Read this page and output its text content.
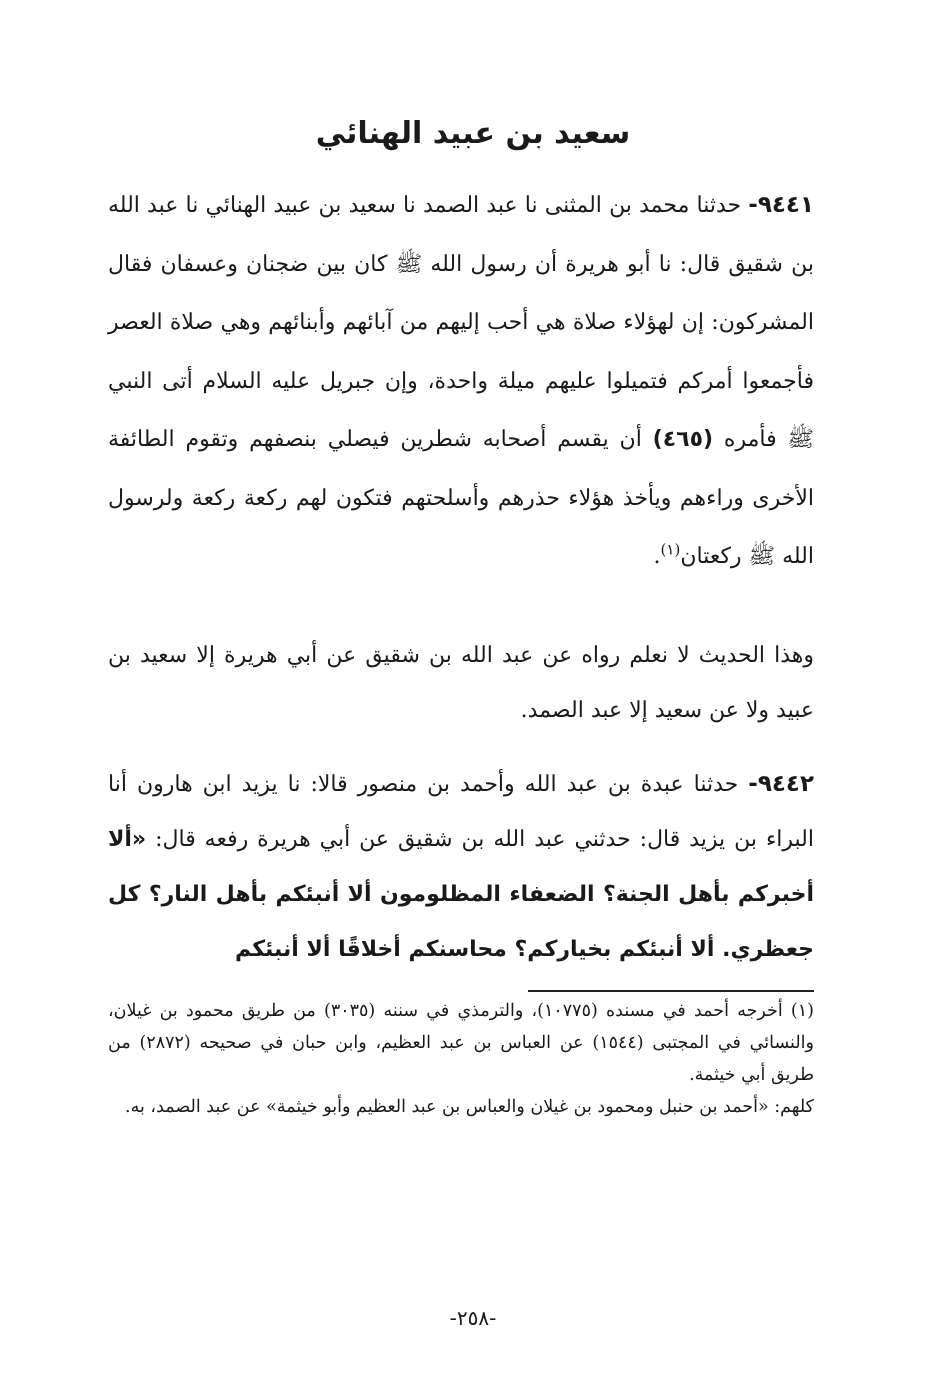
سعيد بن عبيد الهنائي
٩٤٤١- حدثنا محمد بن المثنى نا عبد الصمد نا سعيد بن عبيد الهنائي نا عبد الله بن شقيق قال: نا أبو هريرة أن رسول الله ﷺ كان بين ضجنان وعسفان فقال المشركون: إن لهؤلاء صلاة هي أحب إليهم من آبائهم وأبنائهم وهي صلاة العصر فأجمعوا أمركم فتميلوا عليهم ميلة واحدة، وإن جبريل عليه السلام أتى النبي ﷺ فأمره (٤٦٥) أن يقسم أصحابه شطرين فيصلي بنصفهم وتقوم الطائفة الأخرى وراءهم ويأخذ هؤلاء حذرهم وأسلحتهم فتكون لهم ركعة ركعة ولرسول الله ﷺ ركعتان$^{(١)}$.
وهذا الحديث لا نعلم رواه عن عبد الله بن شقيق عن أبي هريرة إلا سعيد بن عبيد ولا عن سعيد إلا عبد الصمد.
٩٤٤٢- حدثنا عبدة بن عبد الله وأحمد بن منصور قالا: نا يزيد ابن هارون أنا البراء بن يزيد قال: حدثني عبد الله بن شقيق عن أبي هريرة رفعه قال: «ألا أخبركم بأهل الجنة؟ الضعفاء المظلومون ألا أنبئكم بأهل النار؟ كل جعظري. ألا أنبئكم بخياركم؟ محاسنكم أخلاقًا ألا أنبئكم
(١) أخرجه أحمد في مسنده (١٠٧٧٥)، والترمذي في سننه (٣٠٣٥) من طريق محمود بن غيلان، والنسائي في المجتبى (١٥٤٤) عن العباس بن عبد العظيم، وابن حبان في صحيحه (٢٨٧٢) من طريق أبي خيثمة.
كلهم: «أحمد بن حنبل ومحمود بن غيلان والعباس بن عبد العظيم وأبو خيثمة» عن عبد الصمد، به.
-٢٥٨-
